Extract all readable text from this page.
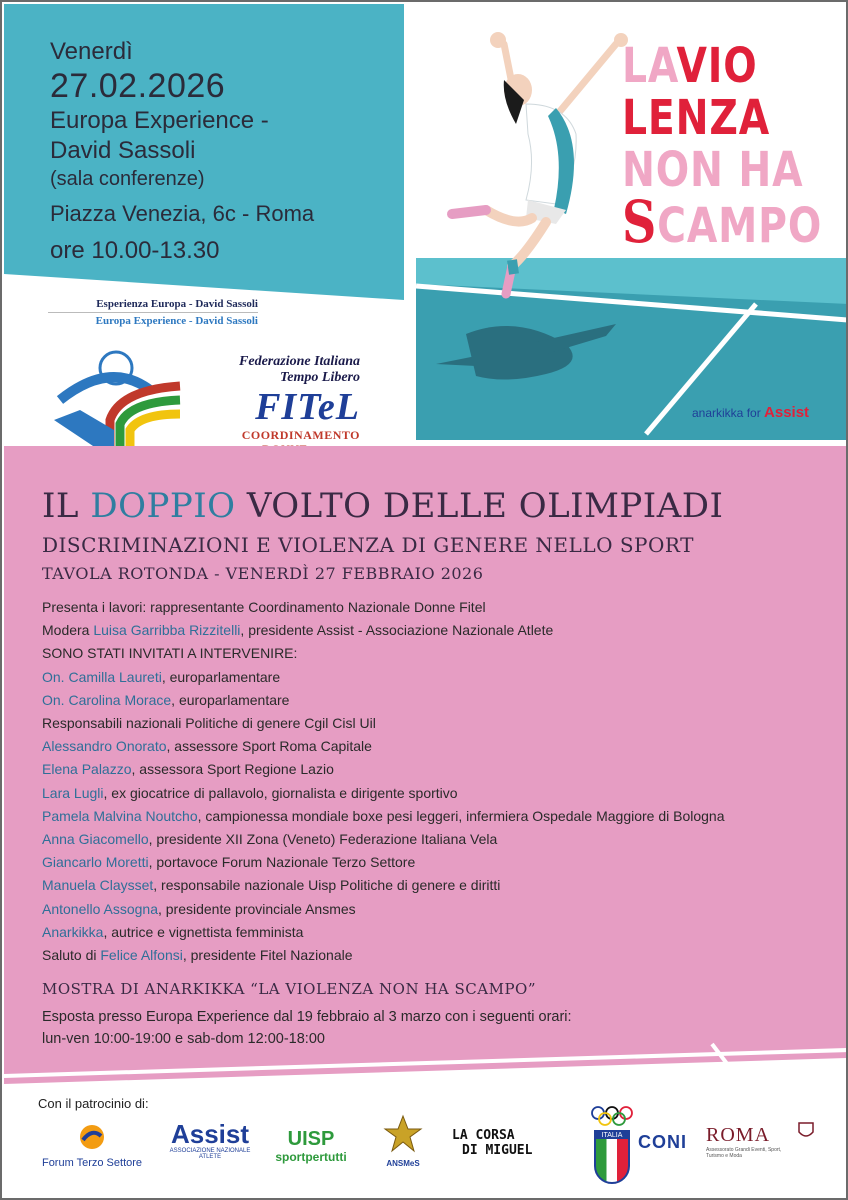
Venerdì
27.02.2026
Europa Experience -
David Sassoli
(sala conferenze)
Piazza Venezia, 6c - Roma
ore 10.00-13.30
Esperienza Europa - David Sassoli
Europa Experience - David Sassoli
Federazione Italiana
Tempo Libero
FITeL
COORDINAMENTO
LAVIO
LENZA
NON HA
SCAMPO
anarkikka for Assist
IL DOPPIO VOLTO DELLE OLIMPIADI
DISCRIMINAZIONI E VIOLENZA DI GENERE NELLO SPORT
TAVOLA ROTONDA - VENERDÌ 27 FEBBRAIO 2026
Presenta i lavori: rappresentante Coordinamento Nazionale Donne Fitel
Modera Luisa Garribba Rizzitelli, presidente Assist - Associazione Nazionale Atlete
SONO STATI INVITATI A INTERVENIRE:
On. Camilla Laureti, europarlamentare
On. Carolina Morace, europarlamentare
Responsabili nazionali Politiche di genere Cgil Cisl Uil
Alessandro Onorato, assessore Sport Roma Capitale
Elena Palazzo, assessora Sport Regione Lazio
Lara Lugli, ex giocatrice di pallavolo, giornalista e dirigente sportivo
Pamela Malvina Noutcho, campionessa mondiale boxe pesi leggeri, infermiera Ospedale Maggiore di Bologna
Anna Giacomello, presidente XII Zona (Veneto) Federazione Italiana Vela
Giancarlo Moretti, portavoce Forum Nazionale Terzo Settore
Manuela Claysset, responsabile nazionale Uisp Politiche di genere e diritti
Antonello Assogna, presidente provinciale Ansmes
Anarkikka, autrice e vignettista femminista
Saluto di Felice Alfonsi, presidente Fitel Nazionale
MOSTRA DI ANARKIKKA “LA VIOLENZA NON HA SCAMPO”
Esposta presso Europa Experience dal 19 febbraio al 3 marzo con i seguenti orari:
lun-ven 10:00-19:00 e sab-dom 12:00-18:00
Con il patrocinio di:
Forum Terzo Settore
Assist
ASSOCIAZIONE NAZIONALE ATLETE
UISP
sportpertutti	ANSMeS
LA CORSA
DI MIGUEL
ITALIA CONI ROMA
Assessorato Grandi Eventi, Sport, Turismo e Moda
